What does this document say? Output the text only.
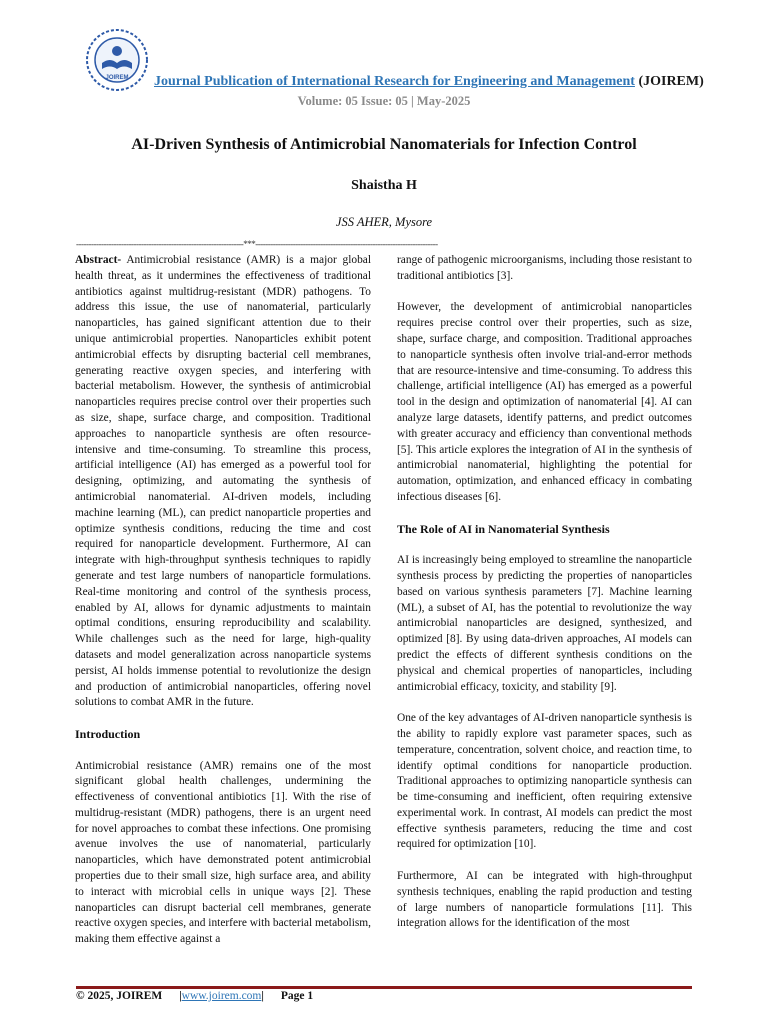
JOIREM Journal Publication of International Research for Engineering and Management (JOIREM)
Volume: 05 Issue: 05 | May-2025
AI-Driven Synthesis of Antimicrobial Nanomaterials for Infection Control
Shaistha H
JSS AHER, Mysore
-------------------------------------------------------------------***-------------------------------------------------------------------------

Abstract- Antimicrobial resistance (AMR) is a major global health threat, as it undermines the effectiveness of traditional antibiotics against multidrug-resistant (MDR) pathogens. To address this issue, the use of nanomaterial, particularly nanoparticles, has gained significant attention due to their unique antimicrobial properties. Nanoparticles exhibit potent antimicrobial effects by disrupting bacterial cell membranes, generating reactive oxygen species, and interfering with bacterial metabolism. However, the synthesis of antimicrobial nanoparticles requires precise control over their properties such as size, shape, surface charge, and composition. Traditional approaches to nanoparticle synthesis are often resource-intensive and time-consuming. To streamline this process, artificial intelligence (AI) has emerged as a powerful tool for designing, optimizing, and automating the synthesis of antimicrobial nanomaterial. AI-driven models, including machine learning (ML), can predict nanoparticle properties and optimize synthesis conditions, reducing the time and cost required for nanoparticle development. Furthermore, AI can integrate with high-throughput synthesis techniques to rapidly generate and test large numbers of nanoparticle formulations. Real-time monitoring and control of the synthesis process, enabled by AI, allows for dynamic adjustments to maintain optimal conditions, ensuring reproducibility and scalability. While challenges such as the need for large, high-quality datasets and model generalization across nanoparticle systems persist, AI holds immense potential to revolutionize the design and production of antimicrobial nanoparticles, offering novel solutions to combat AMR in the future.

Introduction

Antimicrobial resistance (AMR) remains one of the most significant global health challenges, undermining the effectiveness of conventional antibiotics [1]. With the rise of multidrug-resistant (MDR) pathogens, there is an urgent need for novel approaches to combat these infections. One promising avenue involves the use of nanomaterial, particularly nanoparticles, which have demonstrated potent antimicrobial properties due to their small size, high surface area, and ability to interact with microbial cells in unique ways [2]. These nanoparticles can disrupt bacterial cell membranes, generate reactive oxygen species, and interfere with bacterial metabolism, making them effective against a

range of pathogenic microorganisms, including those resistant to traditional antibiotics [3].

However, the development of antimicrobial nanoparticles requires precise control over their properties, such as size, shape, surface charge, and composition. Traditional approaches to nanoparticle synthesis often involve trial-and-error methods that are resource-intensive and time-consuming. To address this challenge, artificial intelligence (AI) has emerged as a powerful tool in the design and optimization of nanomaterial [4]. AI can analyze large datasets, identify patterns, and predict outcomes with greater accuracy and efficiency than conventional methods [5]. This article explores the integration of AI in the synthesis of antimicrobial nanomaterial, highlighting the potential for automation, optimization, and enhanced efficacy in combating infectious diseases [6].

The Role of AI in Nanomaterial Synthesis

AI is increasingly being employed to streamline the nanoparticle synthesis process by predicting the properties of nanoparticles based on various synthesis parameters [7]. Machine learning (ML), a subset of AI, has the potential to revolutionize the way antimicrobial nanoparticles are designed, synthesized, and optimized [8]. By using data-driven approaches, AI models can predict the effects of different synthesis conditions on the physical and chemical properties of nanoparticles, including antimicrobial efficacy, toxicity, and stability [9].

One of the key advantages of AI-driven nanoparticle synthesis is the ability to rapidly explore vast parameter spaces, such as temperature, concentration, solvent choice, and reaction time, to identify optimal conditions for nanoparticle production. Traditional approaches to optimizing nanoparticle synthesis can be time-consuming and inefficient, often requiring extensive experimental work. In contrast, AI models can predict the most effective synthesis parameters, reducing the time and cost required for optimization [10].

Furthermore, AI can be integrated with high-throughput synthesis techniques, enabling the rapid production and testing of large numbers of nanoparticle formulations [11]. This integration allows for the identification of the most

© 2025, JOIREM |www.joirem.com| Page 1
